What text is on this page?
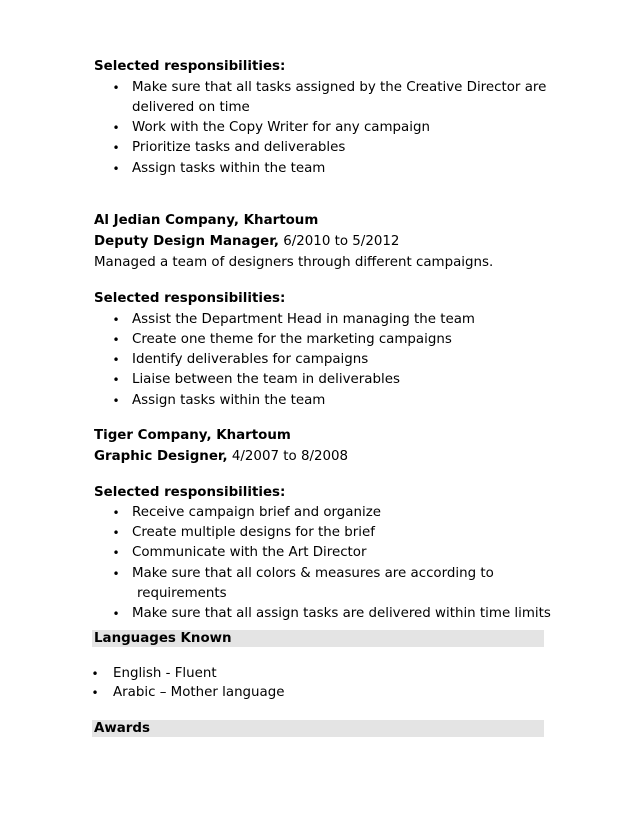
Selected responsibilities:
• Make sure that all tasks assigned by the Creative Director are
delivered on time
• Work with the Copy Writer for any campaign
• Prioritize tasks and deliverables
• Assign tasks within the team
Al Jedian Company, Khartoum
Deputy Design Manager, 6/2010 to 5/2012
Managed a team of designers through different campaigns.
Selected responsibilities:
• Assist the Department Head in managing the team
• Create one theme for the marketing campaigns
• Identify deliverables for campaigns
• Liaise between the team in deliverables
• Assign tasks within the team
Tiger Company, Khartoum
Graphic Designer, 4/2007 to 8/2008
Selected responsibilities:
• Receive campaign brief and organize
• Create multiple designs for the brief
• Communicate with the Art Director
• Make sure that all colors & measures are according to
requirements
• Make sure that all assign tasks are delivered within time limits
Languages Known
• English - Fluent
• Arabic – Mother language
Awards
